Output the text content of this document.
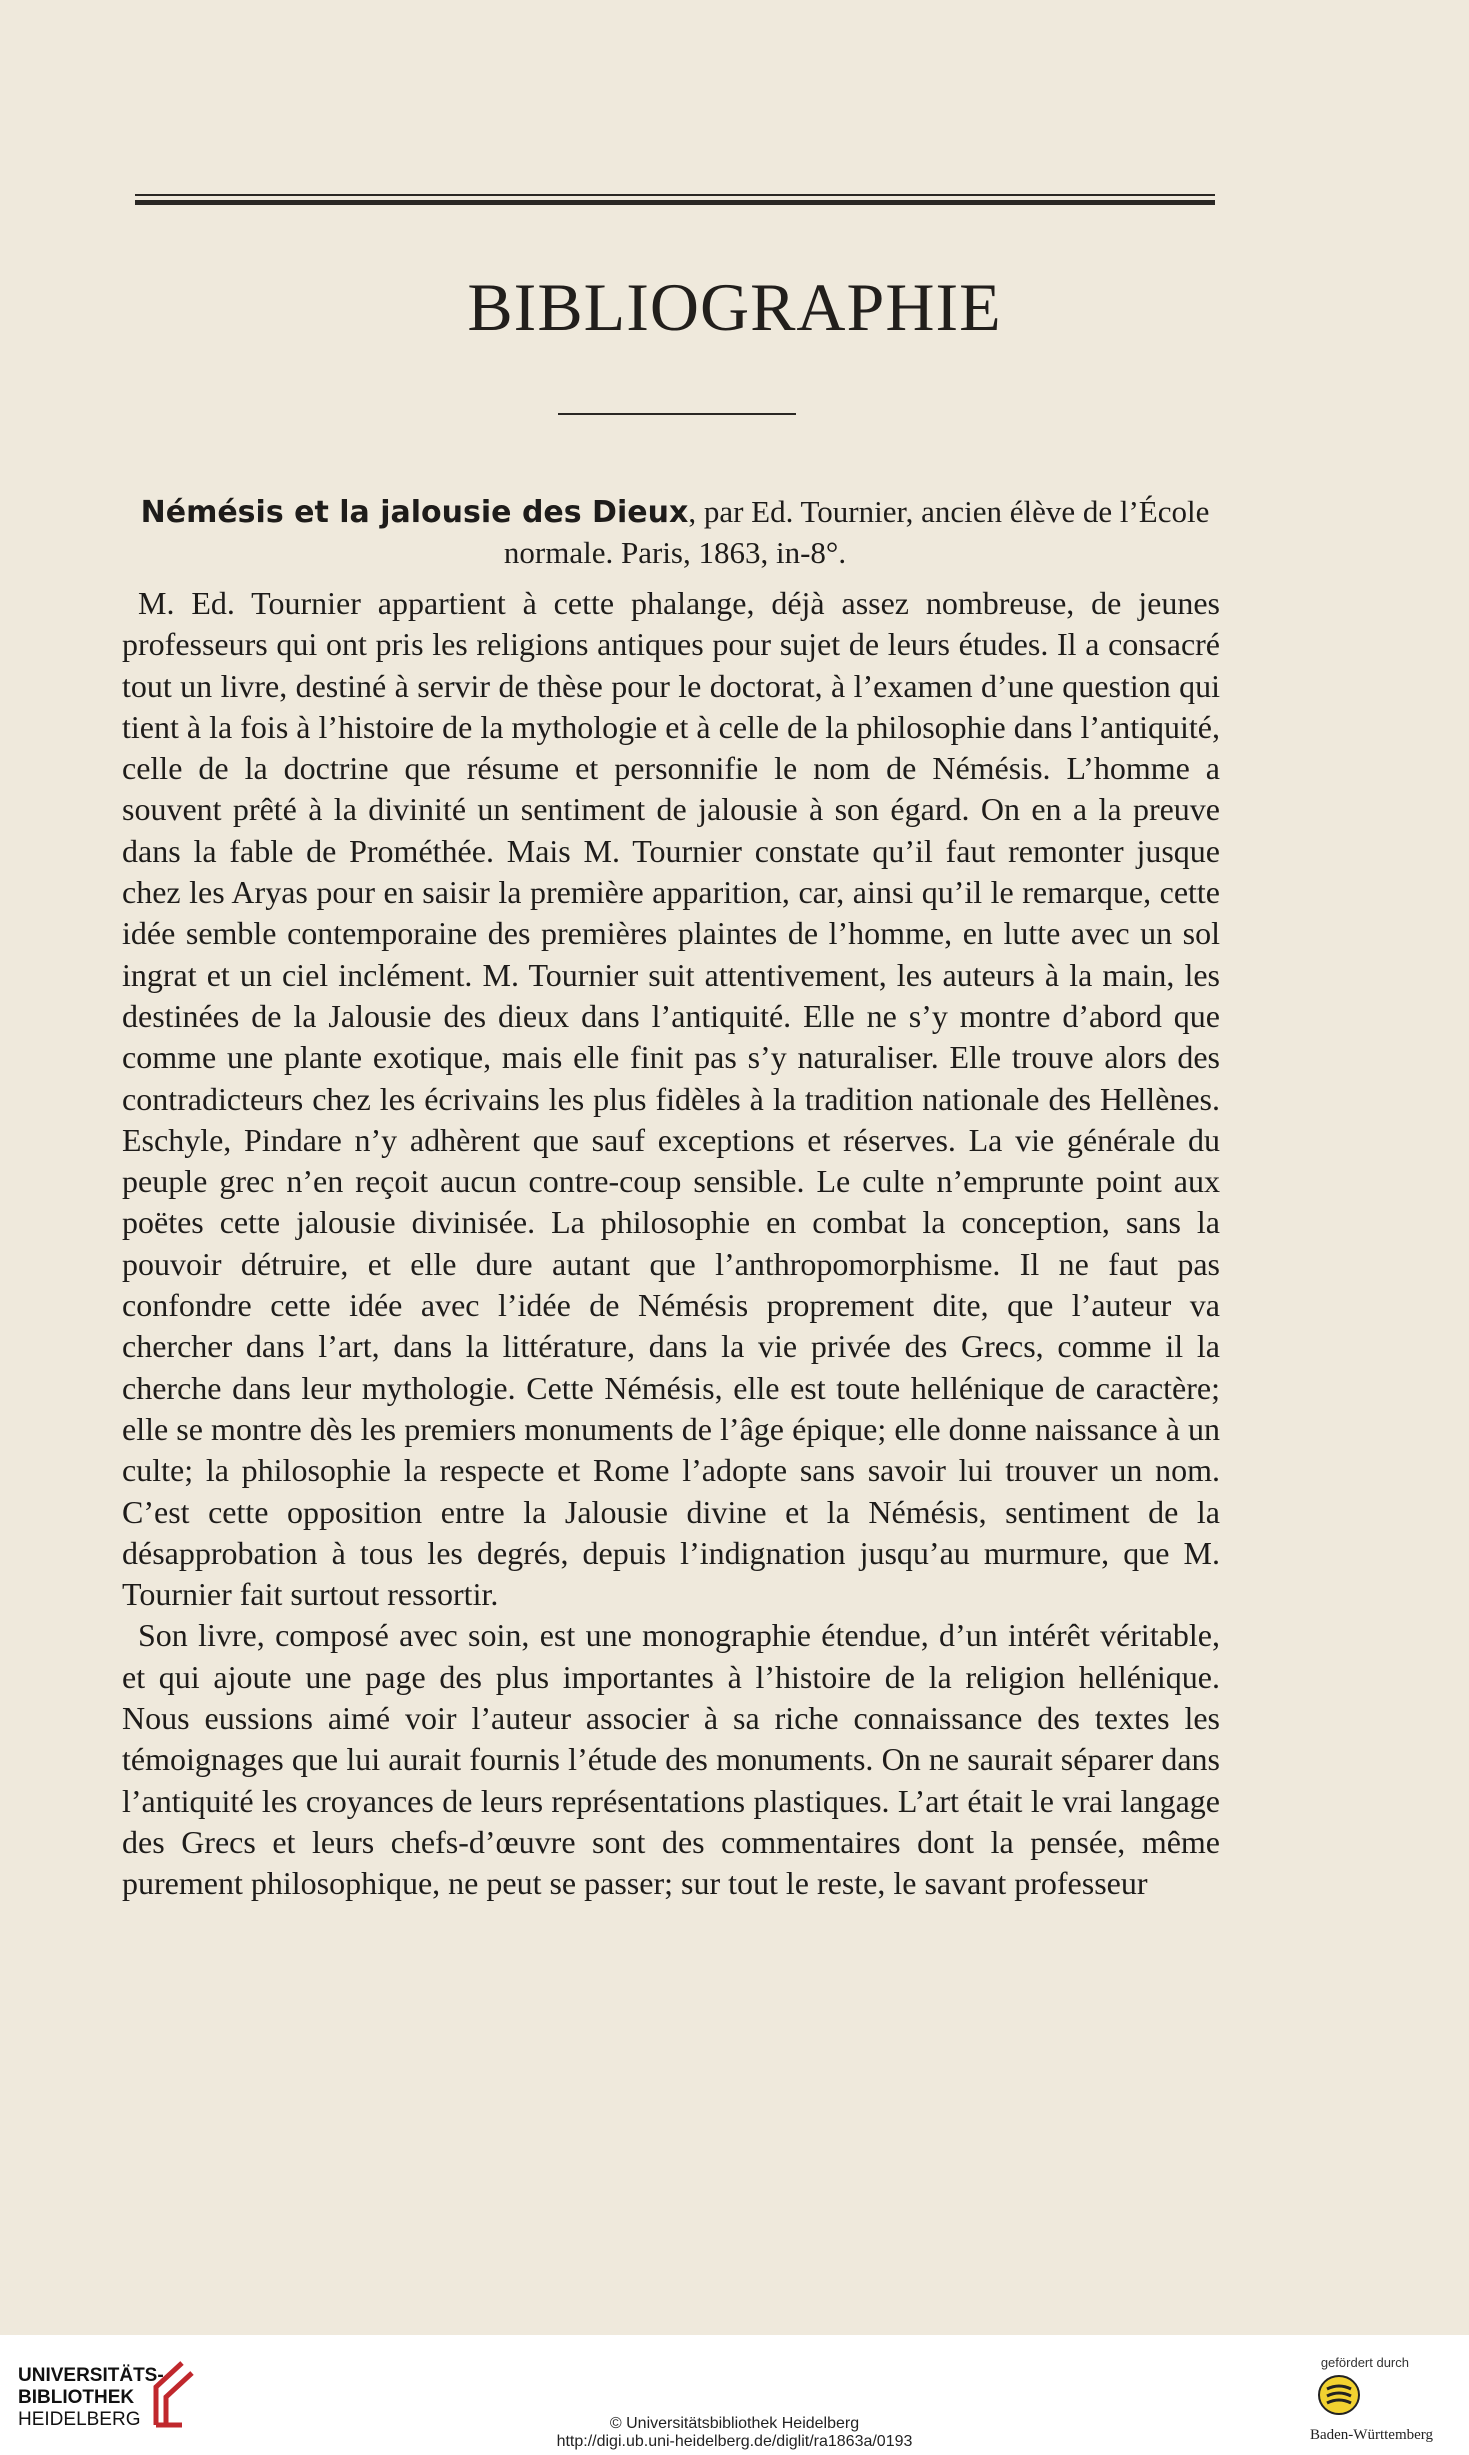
BIBLIOGRAPHIE
Némésis et la jalousie des Dieux, par Ed. Tournier, ancien élève de l’École normale. Paris, 1863, in-8°.

M. Ed. Tournier appartient à cette phalange, déjà assez nombreuse, de jeunes professeurs qui ont pris les religions antiques pour sujet de leurs études. Il a consacré tout un livre, destiné à servir de thèse pour le doctorat, à l’examen d’une question qui tient à la fois à l’histoire de la mythologie et à celle de la philosophie dans l’antiquité, celle de la doctrine que résume et personnifie le nom de Némésis. L’homme a souvent prêté à la divinité un sentiment de jalousie à son égard. On en a la preuve dans la fable de Prométhée. Mais M. Tournier constate qu’il faut remonter jusque chez les Aryas pour en saisir la première apparition, car, ainsi qu’il le remarque, cette idée semble contemporaine des premières plaintes de l’homme, en lutte avec un sol ingrat et un ciel inclément. M. Tournier suit attentivement, les auteurs à la main, les destinées de la Jalousie des dieux dans l’antiquité. Elle ne s’y montre d’abord que comme une plante exotique, mais elle finit pas s’y naturaliser. Elle trouve alors des contradicteurs chez les écrivains les plus fidèles à la tradition nationale des Hellènes. Eschyle, Pindare n’y adhèrent que sauf exceptions et réserves. La vie générale du peuple grec n’en reçoit aucun contre-coup sensible. Le culte n’emprunte point aux poëtes cette jalousie divinisée. La philosophie en combat la conception, sans la pouvoir détruire, et elle dure autant que l’anthropomorphisme. Il ne faut pas confondre cette idée avec l’idée de Némésis proprement dite, que l’auteur va chercher dans l’art, dans la littérature, dans la vie privée des Grecs, comme il la cherche dans leur mythologie. Cette Némésis, elle est toute hellénique de caractère; elle se montre dès les premiers monuments de l’âge épique; elle donne naissance à un culte; la philosophie la respecte et Rome l’adopte sans savoir lui trouver un nom. C’est cette opposition entre la Jalousie divine et la Némésis, sentiment de la désapprobation à tous les degrés, depuis l’indignation jusqu’au murmure, que M. Tournier fait surtout ressortir.

Son livre, composé avec soin, est une monographie étendue, d’un intérêt véritable, et qui ajoute une page des plus importantes à l’histoire de la religion hellénique. Nous eussions aimé voir l’auteur associer à sa riche connaissance des textes les témoignages que lui aurait fournis l’étude des monuments. On ne saurait séparer dans l’antiquité les croyances de leurs représentations plastiques. L’art était le vrai langage des Grecs et leurs chefs-d’œuvre sont des commentaires dont la pensée, même purement philosophique, ne peut se passer; sur tout le reste, le savant professeur

UNIVERSITÄTS-
BIBLIOTHEK
HEIDELBERG	© Universitätsbibliothek Heidelberg
http://digi.ub.uni-heidelberg.de/diglit/ra1863a/0193
gefördert durch
Baden-Württemberg
